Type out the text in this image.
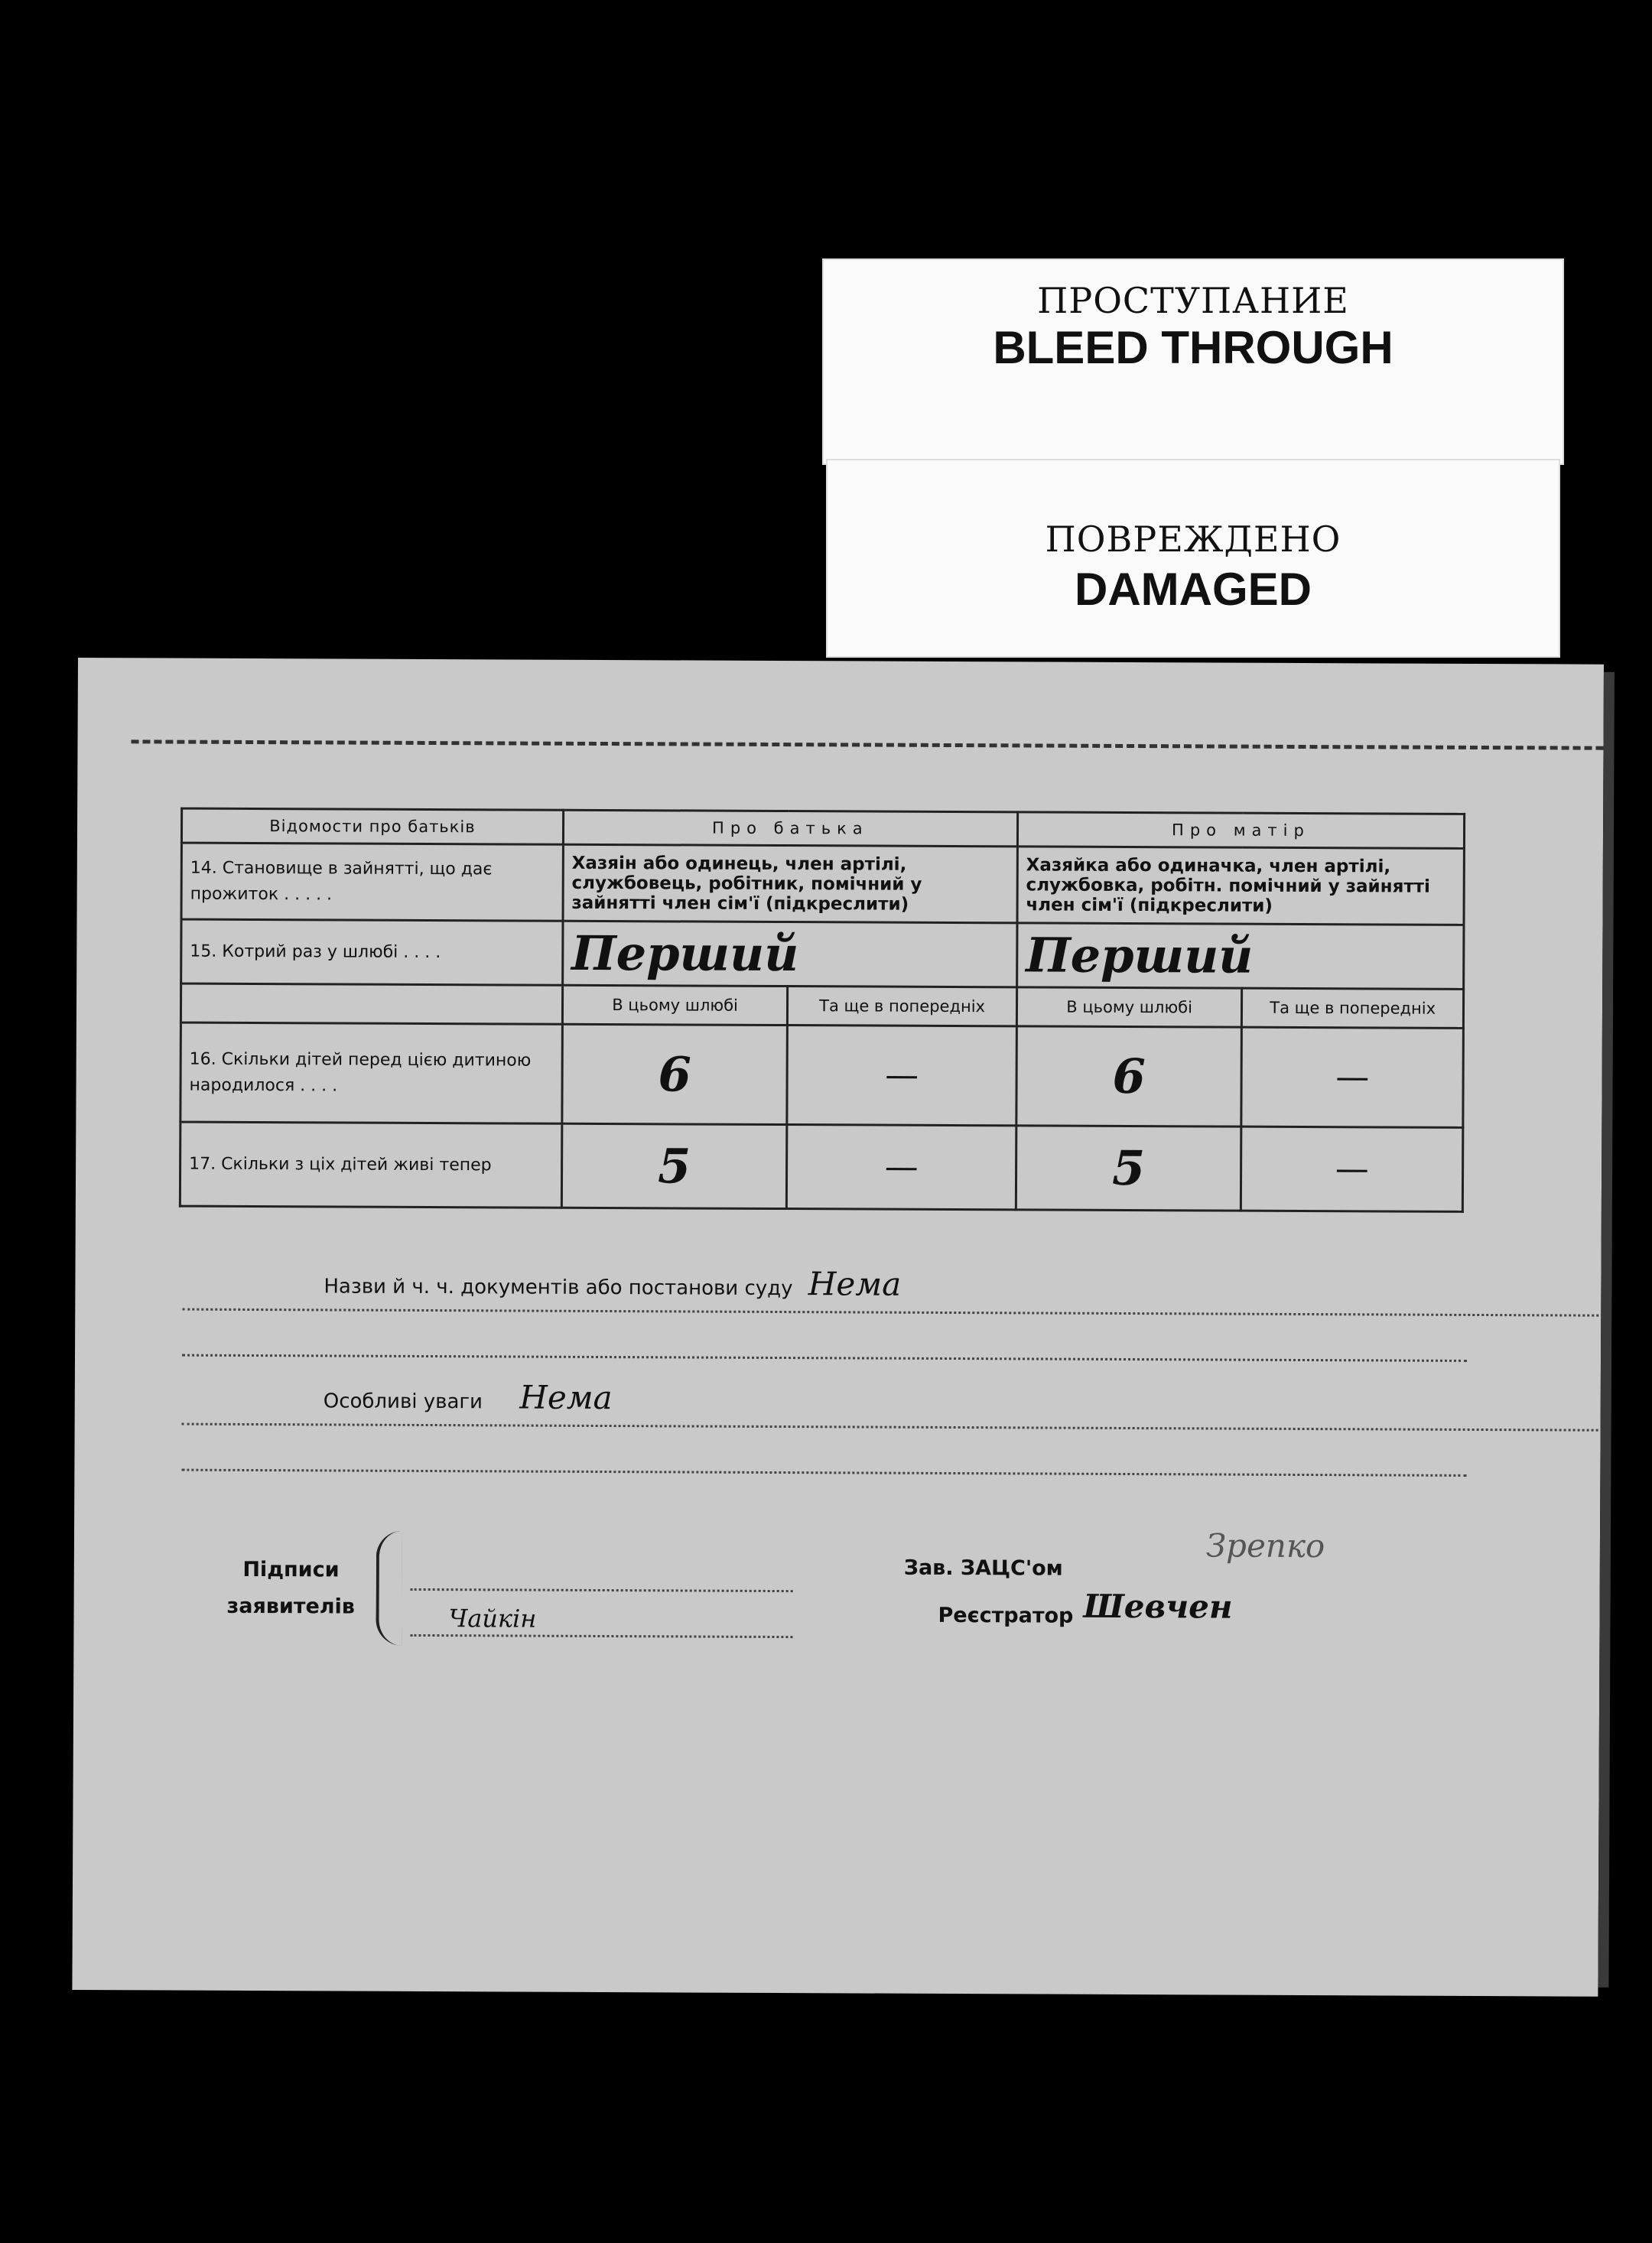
ПРОСТУПАНИЕ
BLEED THROUGH
ПОВРЕЖДЕНО
DAMAGED
Відомости про батьків	Про батька		Про матір	
14. Становище в зайнятті, що дає прожиток . . . . .	Хазяін або одинець, член артілі, службовець, робітник, помічний у зайнятті член сім'ї (підкреслити)		Хазяйка або одиначка, член артілі, службовка, робітн. помічний у зайнятті член сім'ї (підкреслити)	
15. Котрий раз у шлюбі . . . .	Перший		Перший	
	В цьому шлюбі	Та ще в попередніх	В цьому шлюбі	Та ще в попередніх
16. Скільки дітей перед цією дитиною народилося . . . .	6	—	6	—
17. Скільки з ціх дітей живі тепер	5	—	5	—
Назви й ч. ч. документів або постанови суду Нема
Особливі уваги Нема
Підписи
заявителів	Чайкін
Зав. ЗАЦС'ом
Зрепко
Реєстратор Шевчен
